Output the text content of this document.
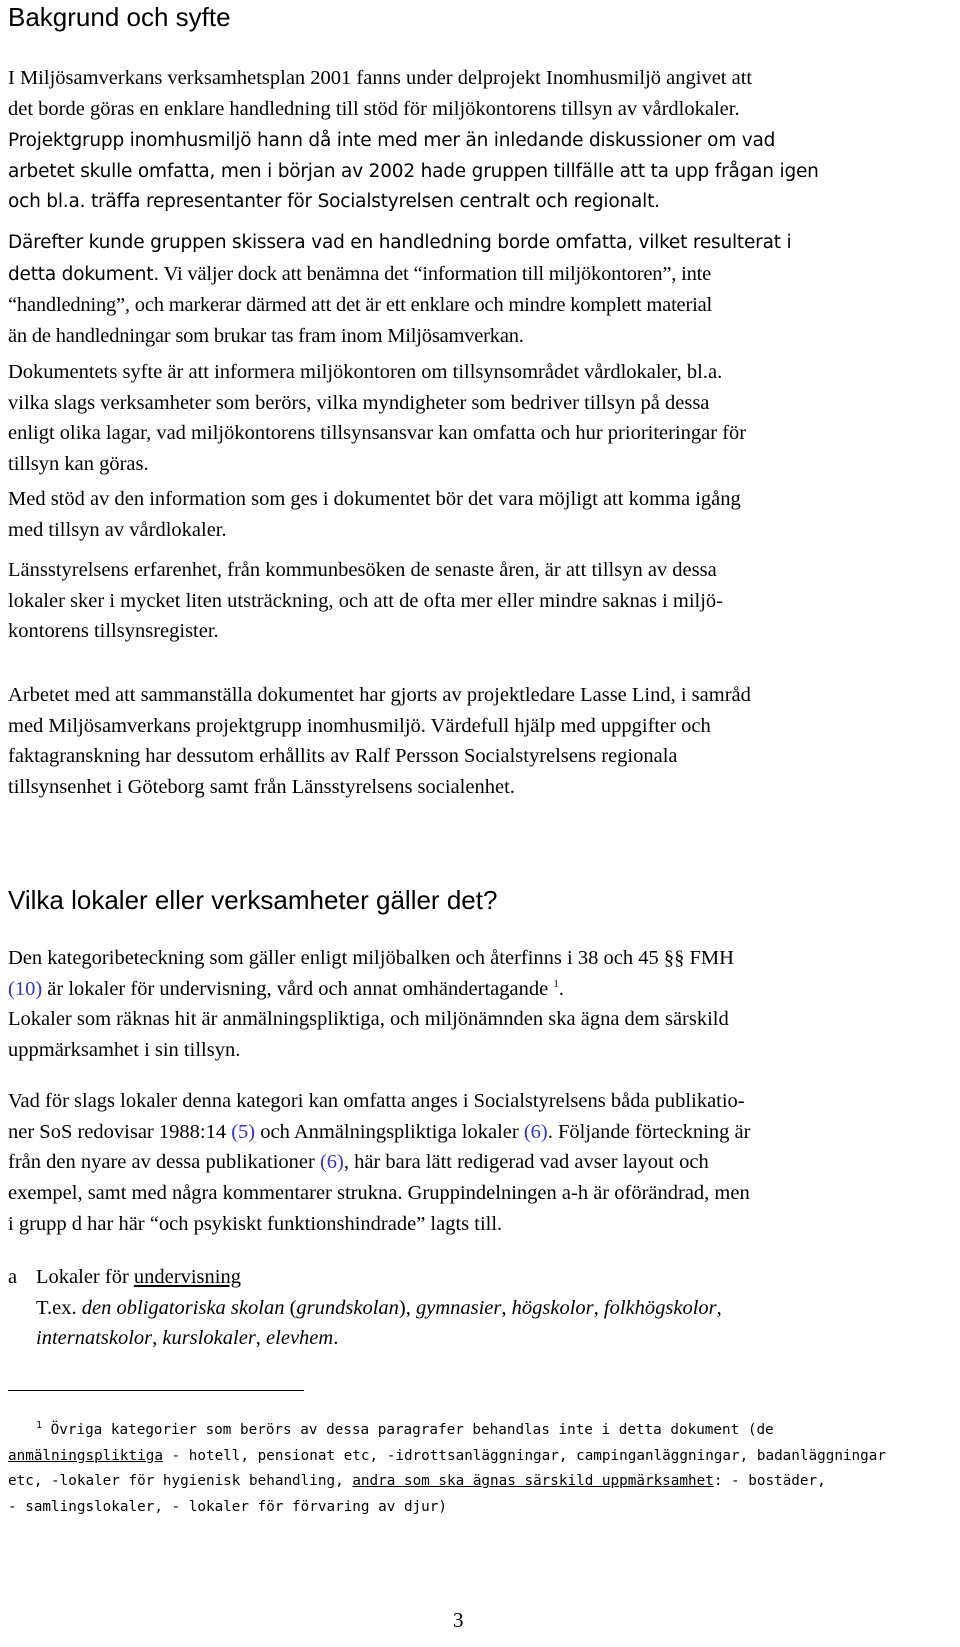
Bakgrund och syfte
I Miljösamverkans verksamhetsplan 2001 fanns under delprojekt Inomhusmiljö angivet att
det borde göras en enklare handledning till stöd för miljökontorens tillsyn av vårdlokaler.
Projektgrupp inomhusmiljö hann då inte med mer än inledande diskussioner om vad
arbetet skulle omfatta, men i början av 2002 hade gruppen tillfälle att ta upp frågan igen
och bl.a. träffa representanter för Socialstyrelsen centralt och regionalt.
Därefter kunde gruppen skissera vad en handledning borde omfatta, vilket resulterat i
detta dokument. Vi väljer dock att benämna det “information till miljökontoren”, inte
“handledning”, och markerar därmed att det är ett enklare och mindre komplett material
än de handledningar som brukar tas fram inom Miljösamverkan.
Dokumentets syfte är att informera miljökontoren om tillsynsområdet vårdlokaler, bl.a.
vilka slags verksamheter som berörs, vilka myndigheter som bedriver tillsyn på dessa
enligt olika lagar, vad miljökontorens tillsynsansvar kan omfatta och hur prioriteringar för
tillsyn kan göras.
Med stöd av den information som ges i dokumentet bör det vara möjligt att komma igång
med tillsyn av vårdlokaler.
Länsstyrelsens erfarenhet, från kommunbesöken de senaste åren, är att tillsyn av dessa
lokaler sker i mycket liten utsträckning, och att de ofta mer eller mindre saknas i miljö-
kontorens tillsynsregister.
Arbetet med att sammanställa dokumentet har gjorts av projektledare Lasse Lind, i samråd
med Miljösamverkans projektgrupp inomhusmiljö. Värdefull hjälp med uppgifter och
faktagranskning har dessutom erhållits av Ralf Persson Socialstyrelsens regionala
tillsynsenhet i Göteborg samt från Länsstyrelsens socialenhet.
Vilka lokaler eller verksamheter gäller det?
Den kategoribeteckning som gäller enligt miljöbalken och återfinns i 38 och 45 §§ FMH
(10) är lokaler för undervisning, vård och annat omhändertagande $^1$.
Lokaler som räknas hit är anmälningspliktiga, och miljönämnden ska ägna dem särskild
uppmärksamhet i sin tillsyn.
Vad för slags lokaler denna kategori kan omfatta anges i Socialstyrelsens båda publikatio-
ner SoS redovisar 1988:14 (5) och Anmälningspliktiga lokaler (6). Följande förteckning är
från den nyare av dessa publikationer (6), här bara lätt redigerad vad avser layout och
exempel, samt med några kommentarer strukna. Gruppindelningen a-h är oförändrad, men
i grupp d har här “och psykiskt funktionshindrade” lagts till.
a Lokaler för undervisning
T.ex. den obligatoriska skolan (grundskolan), gymnasier, högskolor, folkhögskolor,
internatskolor, kurslokaler, elevhem.
$^1$ Övriga kategorier som berörs av dessa paragrafer behandlas inte i detta dokument (de
anmälningspliktiga - hotell, pensionat etc, -idrottsanläggningar, campinganläggningar, badanläggningar
etc, -lokaler för hygienisk behandling, andra som ska ägnas särskild uppmärksamhet: - bostäder,
- samlingslokaler, - lokaler för förvaring av djur)
3
